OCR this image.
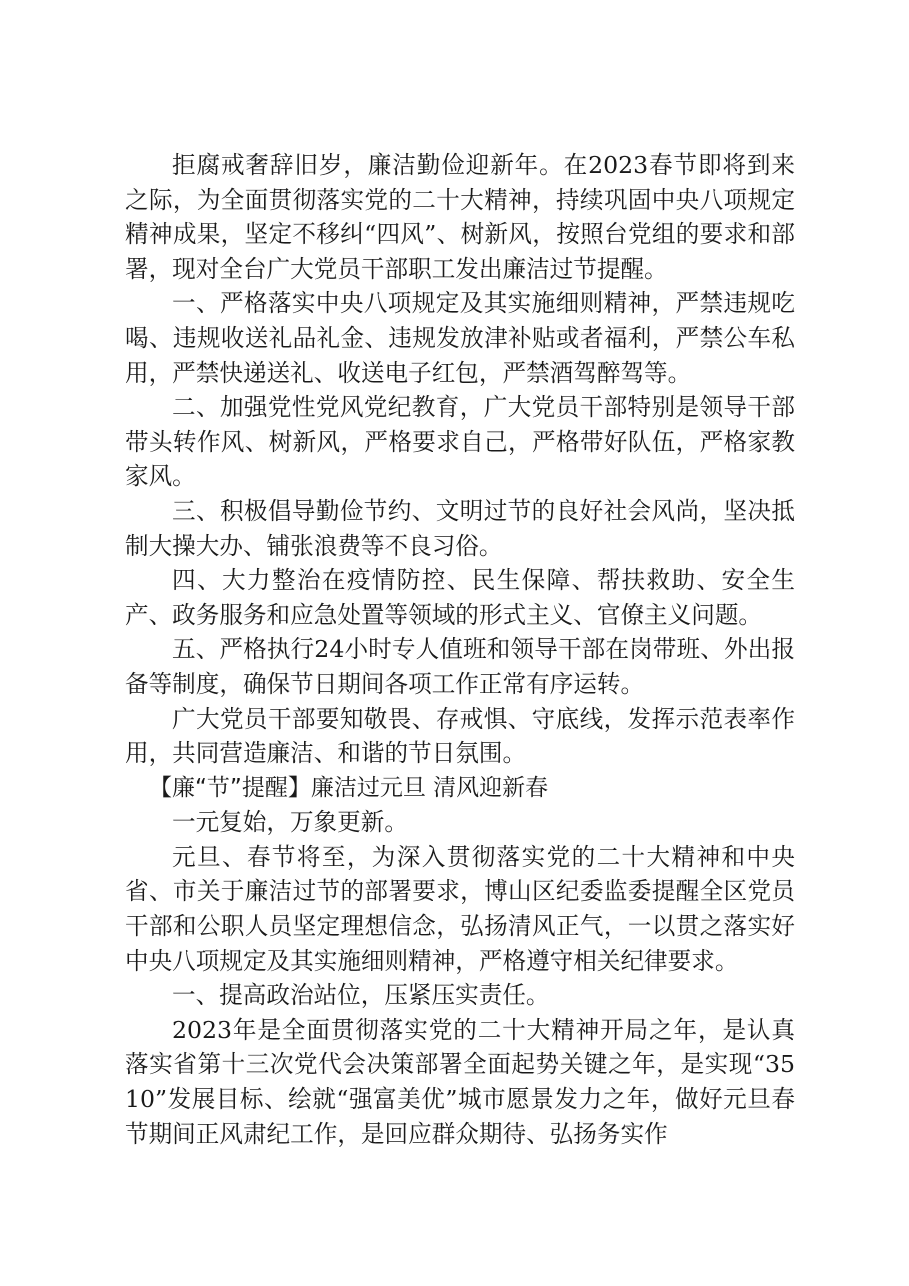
拒腐戒奢辞旧岁，廉洁勤俭迎新年。在2023春节即将到来之际，为全面贯彻落实党的二十大精神，持续巩固中央八项规定精神成果，坚定不移纠“四风”、树新风，按照台党组的要求和部署，现对全台广大党员干部职工发出廉洁过节提醒。

一、严格落实中央八项规定及其实施细则精神，严禁违规吃喝、违规收送礼品礼金、违规发放津补贴或者福利，严禁公车私用，严禁快递送礼、收送电子红包，严禁酒驾醉驾等。

二、加强党性党风党纪教育，广大党员干部特别是领导干部带头转作风、树新风，严格要求自己，严格带好队伍，严格家教家风。

三、积极倡导勤俭节约、文明过节的良好社会风尚，坚决抵制大操大办、铺张浪费等不良习俗。

四、大力整治在疫情防控、民生保障、帮扶救助、安全生产、政务服务和应急处置等领域的形式主义、官僚主义问题。

五、严格执行24小时专人值班和领导干部在岗带班、外出报备等制度，确保节日期间各项工作正常有序运转。

广大党员干部要知敬畏、存戒惧、守底线，发挥示范表率作用，共同营造廉洁、和谐的节日氛围。

【廉“节”提醒】廉洁过元旦 清风迎新春

一元复始，万象更新。

元旦、春节将至，为深入贯彻落实党的二十大精神和中央省、市关于廉洁过节的部署要求，博山区纪委监委提醒全区党员干部和公职人员坚定理想信念，弘扬清风正气，一以贯之落实好中央八项规定及其实施细则精神，严格遵守相关纪律要求。

一、提高政治站位，压紧压实责任。

2023年是全面贯彻落实党的二十大精神开局之年，是认真落实省第十三次党代会决策部署全面起势关键之年，是实现“3510”发展目标、绘就“强富美优”城市愿景发力之年，做好元旦春节期间正风肃纪工作，是回应群众期待、弘扬务实作
